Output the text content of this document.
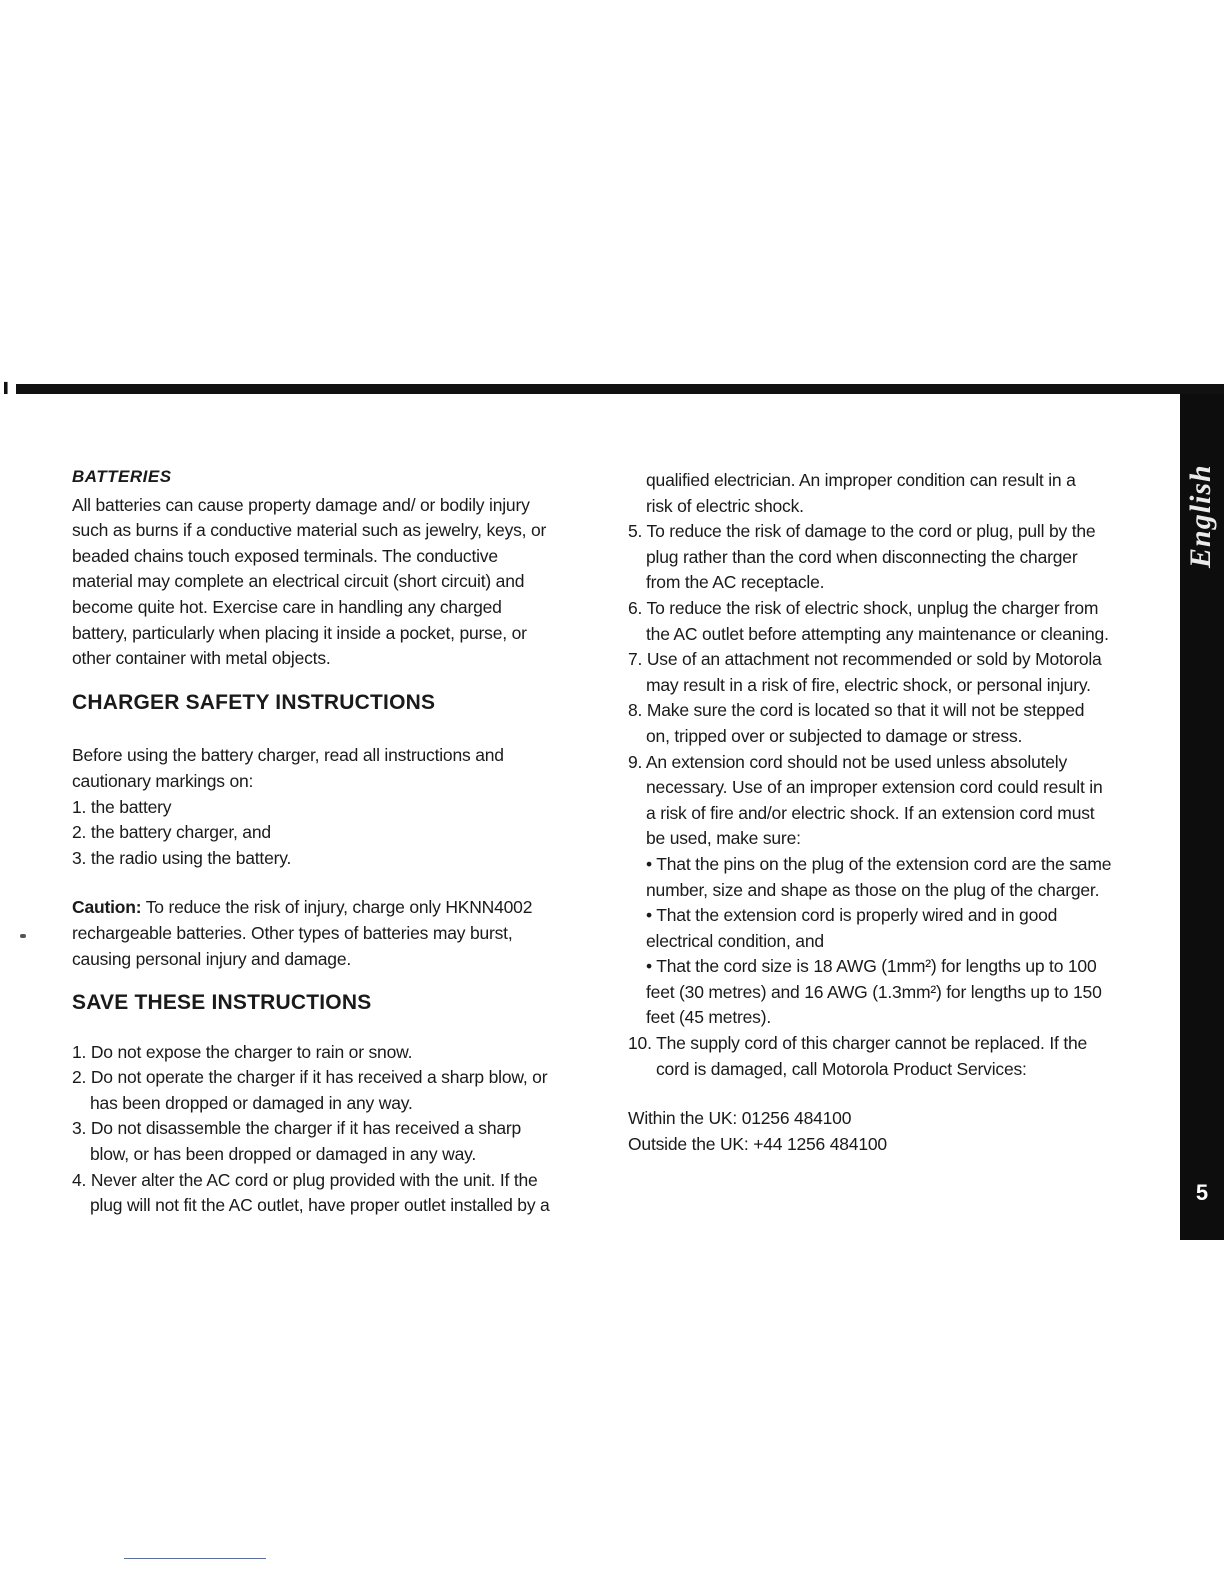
▌
English
5
BATTERIES

All batteries can cause property damage and/ or bodily injury

such as burns if a conductive material such as jewelry, keys, or

beaded chains touch exposed terminals. The conductive

material may complete an electrical circuit (short circuit) and

become quite hot. Exercise care in handling any charged

battery, particularly when placing it inside a pocket, purse, or

other container with metal objects.

CHARGER SAFETY INSTRUCTIONS

Before using the battery charger, read all instructions and

cautionary markings on:

1. the battery

2. the battery charger, and

3. the radio using the battery.

Caution: To reduce the risk of injury, charge only HKNN4002

rechargeable batteries. Other types of batteries may burst,

causing personal injury and damage.

SAVE THESE INSTRUCTIONS

1. Do not expose the charger to rain or snow.

2. Do not operate the charger if it has received a sharp blow, or

has been dropped or damaged in any way.

3. Do not disassemble the charger if it has received a sharp

blow, or has been dropped or damaged in any way.

4. Never alter the AC cord or plug provided with the unit. If the

plug will not fit the AC outlet, have proper outlet installed by a

qualified electrician. An improper condition can result in a

risk of electric shock.

5. To reduce the risk of damage to the cord or plug, pull by the

plug rather than the cord when disconnecting the charger

from the AC receptacle.

6. To reduce the risk of electric shock, unplug the charger from

the AC outlet before attempting any maintenance or cleaning.

7. Use of an attachment not recommended or sold by Motorola

may result in a risk of fire, electric shock, or personal injury.

8. Make sure the cord is located so that it will not be stepped

on, tripped over or subjected to damage or stress.

9. An extension cord should not be used unless absolutely

necessary. Use of an improper extension cord could result in

a risk of fire and/or electric shock. If an extension cord must

be used, make sure:

• That the pins on the plug of the extension cord are the same

number, size and shape as those on the plug of the charger.

• That the extension cord is properly wired and in good

electrical condition, and

• That the cord size is 18 AWG (1mm²) for lengths up to 100

feet (30 metres) and 16 AWG (1.3mm²) for lengths up to 150

feet (45 metres).

10. The supply cord of this charger cannot be replaced. If the

cord is damaged, call Motorola Product Services:

Within the UK: 01256 484100

Outside the UK: +44 1256 484100
